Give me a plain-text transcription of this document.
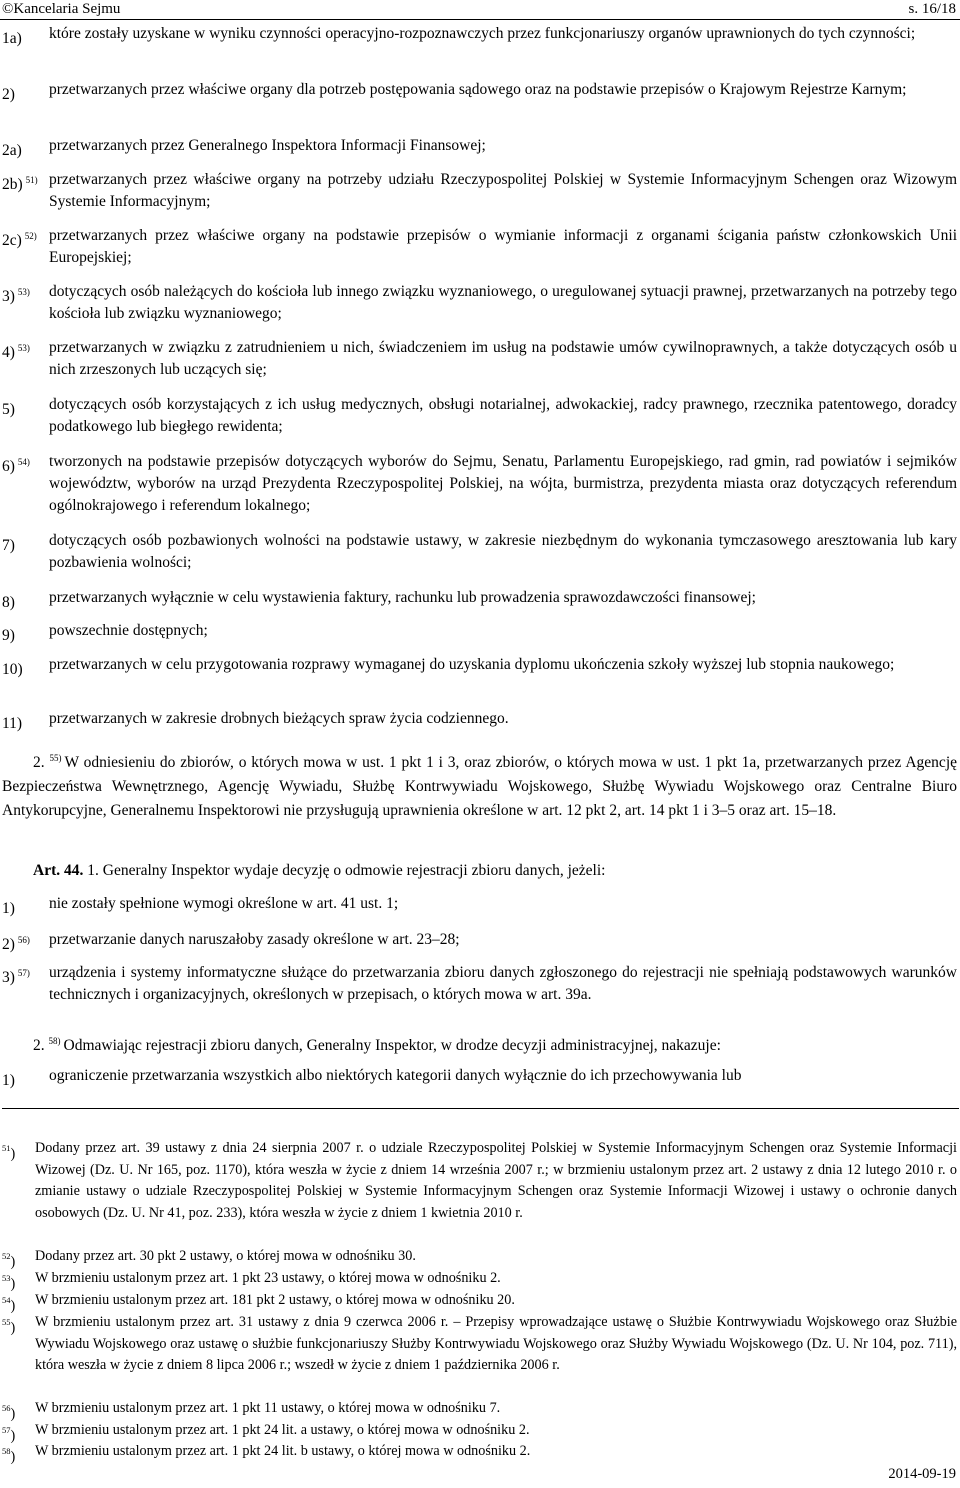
©Kancelaria Sejmu	s. 16/18
1a) które zostały uzyskane w wyniku czynności operacyjno-rozpoznawczych przez funkcjonariuszy organów uprawnionych do tych czynności;
2) przetwarzanych przez właściwe organy dla potrzeb postępowania sądowego oraz na podstawie przepisów o Krajowym Rejestrze Karnym;
2a) przetwarzanych przez Generalnego Inspektora Informacji Finansowej;
2b) $^{51)}$ przetwarzanych przez właściwe organy na potrzeby udziału Rzeczypospolitej Polskiej w Systemie Informacyjnym Schengen oraz Wizowym Systemie Informacyjnym;
2c) $^{52)}$ przetwarzanych przez właściwe organy na podstawie przepisów o wymianie informacji z organami ścigania państw członkowskich Unii Europejskiej;
3) $^{53)}$ dotyczących osób należących do kościoła lub innego związku wyznaniowego, o uregulowanej sytuacji prawnej, przetwarzanych na potrzeby tego kościoła lub związku wyznaniowego;
4) $^{53)}$ przetwarzanych w związku z zatrudnieniem u nich, świadczeniem im usług na podstawie umów cywilnoprawnych, a także dotyczących osób u nich zrzeszonych lub uczących się;
5) dotyczących osób korzystających z ich usług medycznych, obsługi notarialnej, adwokackiej, radcy prawnego, rzecznika patentowego, doradcy podatkowego lub biegłego rewidenta;
6) $^{54)}$ tworzonych na podstawie przepisów dotyczących wyborów do Sejmu, Senatu, Parlamentu Europejskiego, rad gmin, rad powiatów i sejmików województw, wyborów na urząd Prezydenta Rzeczypospolitej Polskiej, na wójta, burmistrza, prezydenta miasta oraz dotyczących referendum ogólnokrajowego i referendum lokalnego;
7) dotyczących osób pozbawionych wolności na podstawie ustawy, w zakresie niezbędnym do wykonania tymczasowego aresztowania lub kary pozbawienia wolności;
8) przetwarzanych wyłącznie w celu wystawienia faktury, rachunku lub prowadzenia sprawozdawczości finansowej;
9) powszechnie dostępnych;
10) przetwarzanych w celu przygotowania rozprawy wymaganej do uzyskania dyplomu ukończenia szkoły wyższej lub stopnia naukowego;
11) przetwarzanych w zakresie drobnych bieżących spraw życia codziennego.
2. $^{55)}$ W odniesieniu do zbiorów, o których mowa w ust. 1 pkt 1 i 3, oraz zbiorów, o których mowa w ust. 1 pkt 1a, przetwarzanych przez Agencję Bezpieczeństwa Wewnętrznego, Agencję Wywiadu, Służbę Kontrwywiadu Wojskowego, Służbę Wywiadu Wojskowego oraz Centralne Biuro Antykorupcyjne, Generalnemu Inspektorowi nie przysługują uprawnienia określone w art. 12 pkt 2, art. 14 pkt 1 i 3–5 oraz art. 15–18.
Art. 44. 1. Generalny Inspektor wydaje decyzję o odmowie rejestracji zbioru danych, jeżeli:
1) nie zostały spełnione wymogi określone w art. 41 ust. 1;
2) $^{56)}$ przetwarzanie danych naruszałoby zasady określone w art. 23–28;
3) $^{57)}$ urządzenia i systemy informatyczne służące do przetwarzania zbioru danych zgłoszonego do rejestracji nie spełniają podstawowych warunków technicznych i organizacyjnych, określonych w przepisach, o których mowa w art. 39a.
2. $^{58)}$ Odmawiając rejestracji zbioru danych, Generalny Inspektor, w drodze decyzji administracyjnej, nakazuje:
1) ograniczenie przetwarzania wszystkich albo niektórych kategorii danych wyłącznie do ich przechowywania lub
$^{51}$) Dodany przez art. 39 ustawy z dnia 24 sierpnia 2007 r. o udziale Rzeczypospolitej Polskiej w Systemie Informacyjnym Schengen oraz Systemie Informacji Wizowej (Dz. U. Nr 165, poz. 1170), która weszła w życie z dniem 14 września 2007 r.; w brzmieniu ustalonym przez art. 2 ustawy z dnia 12 lutego 2010 r. o zmianie ustawy o udziale Rzeczypospolitej Polskiej w Systemie Informacyjnym Schengen oraz Systemie Informacji Wizowej i ustawy o ochronie danych osobowych (Dz. U. Nr 41, poz. 233), która weszła w życie z dniem 1 kwietnia 2010 r.
$^{52}$) Dodany przez art. 30 pkt 2 ustawy, o której mowa w odnośniku 30.
$^{53}$) W brzmieniu ustalonym przez art. 1 pkt 23 ustawy, o której mowa w odnośniku 2.
$^{54}$) W brzmieniu ustalonym przez art. 181 pkt 2 ustawy, o której mowa w odnośniku 20.
$^{55}$) W brzmieniu ustalonym przez art. 31 ustawy z dnia 9 czerwca 2006 r. – Przepisy wprowadzające ustawę o Służbie Kontrwywiadu Wojskowego oraz Służbie Wywiadu Wojskowego oraz ustawę o służbie funkcjonariuszy Służby Kontrwywiadu Wojskowego oraz Służby Wywiadu Wojskowego (Dz. U. Nr 104, poz. 711), która weszła w życie z dniem 8 lipca 2006 r.; wszedł w życie z dniem 1 października 2006 r.
$^{56}$) W brzmieniu ustalonym przez art. 1 pkt 11 ustawy, o której mowa w odnośniku 7.
$^{57}$) W brzmieniu ustalonym przez art. 1 pkt 24 lit. a ustawy, o której mowa w odnośniku 2.
$^{58}$) W brzmieniu ustalonym przez art. 1 pkt 24 lit. b ustawy, o której mowa w odnośniku 2.
2014-09-19
